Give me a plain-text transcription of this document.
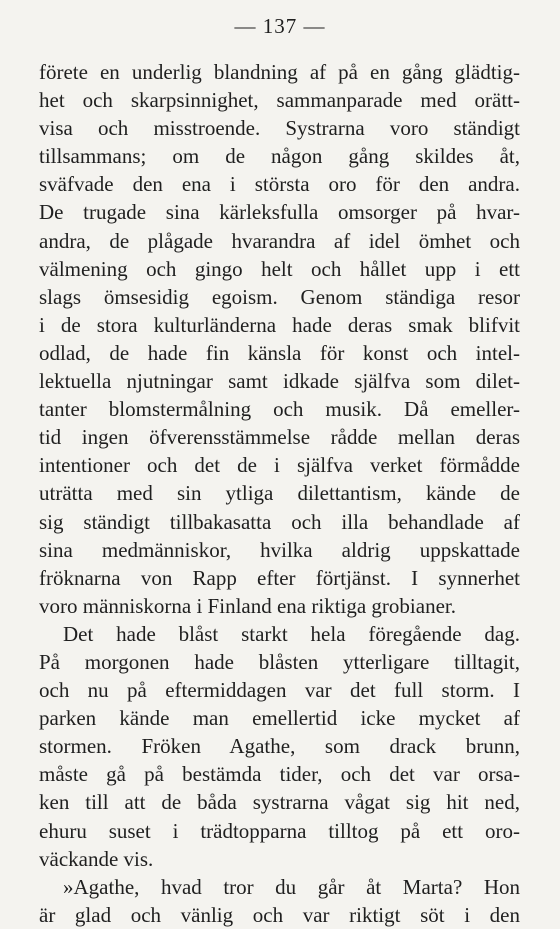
— 137 —
förete en underlig blandning af på en gång glädtig-
het och skarpsinnighet, sammanparade med orätt-
visa och misstroende. Systrarna voro ständigt
tillsammans; om de någon gång skildes åt,
sväfvade den ena i största oro för den andra.
De trugade sina kärleksfulla omsorger på hvar-
andra, de plågade hvarandra af idel ömhet och
välmening och gingo helt och hållet upp i ett
slags ömsesidig egoism. Genom ständiga resor
i de stora kulturländerna hade deras smak blifvit
odlad, de hade fin känsla för konst och intel-
lektuella njutningar samt idkade själfva som dilet-
tanter blomstermålning och musik. Då emeller-
tid ingen öfverensstämmelse rådde mellan deras
intentioner och det de i själfva verket förmådde
uträtta med sin ytliga dilettantism, kände de
sig ständigt tillbakasatta och illa behandlade af
sina medmänniskor, hvilka aldrig uppskattade
fröknarna von Rapp efter förtjänst. I synnerhet
voro människorna i Finland ena riktiga grobianer.
Det hade blåst starkt hela föregående dag.
På morgonen hade blåsten ytterligare tilltagit,
och nu på eftermiddagen var det full storm. I
parken kände man emellertid icke mycket af
stormen. Fröken Agathe, som drack brunn,
måste gå på bestämda tider, och det var orsa-
ken till att de båda systrarna vågat sig hit ned,
ehuru suset i trädtopparna tilltog på ett oro-
väckande vis.
»Agathe, hvad tror du går åt Marta? Hon
är glad och vänlig och var riktigt söt i den
